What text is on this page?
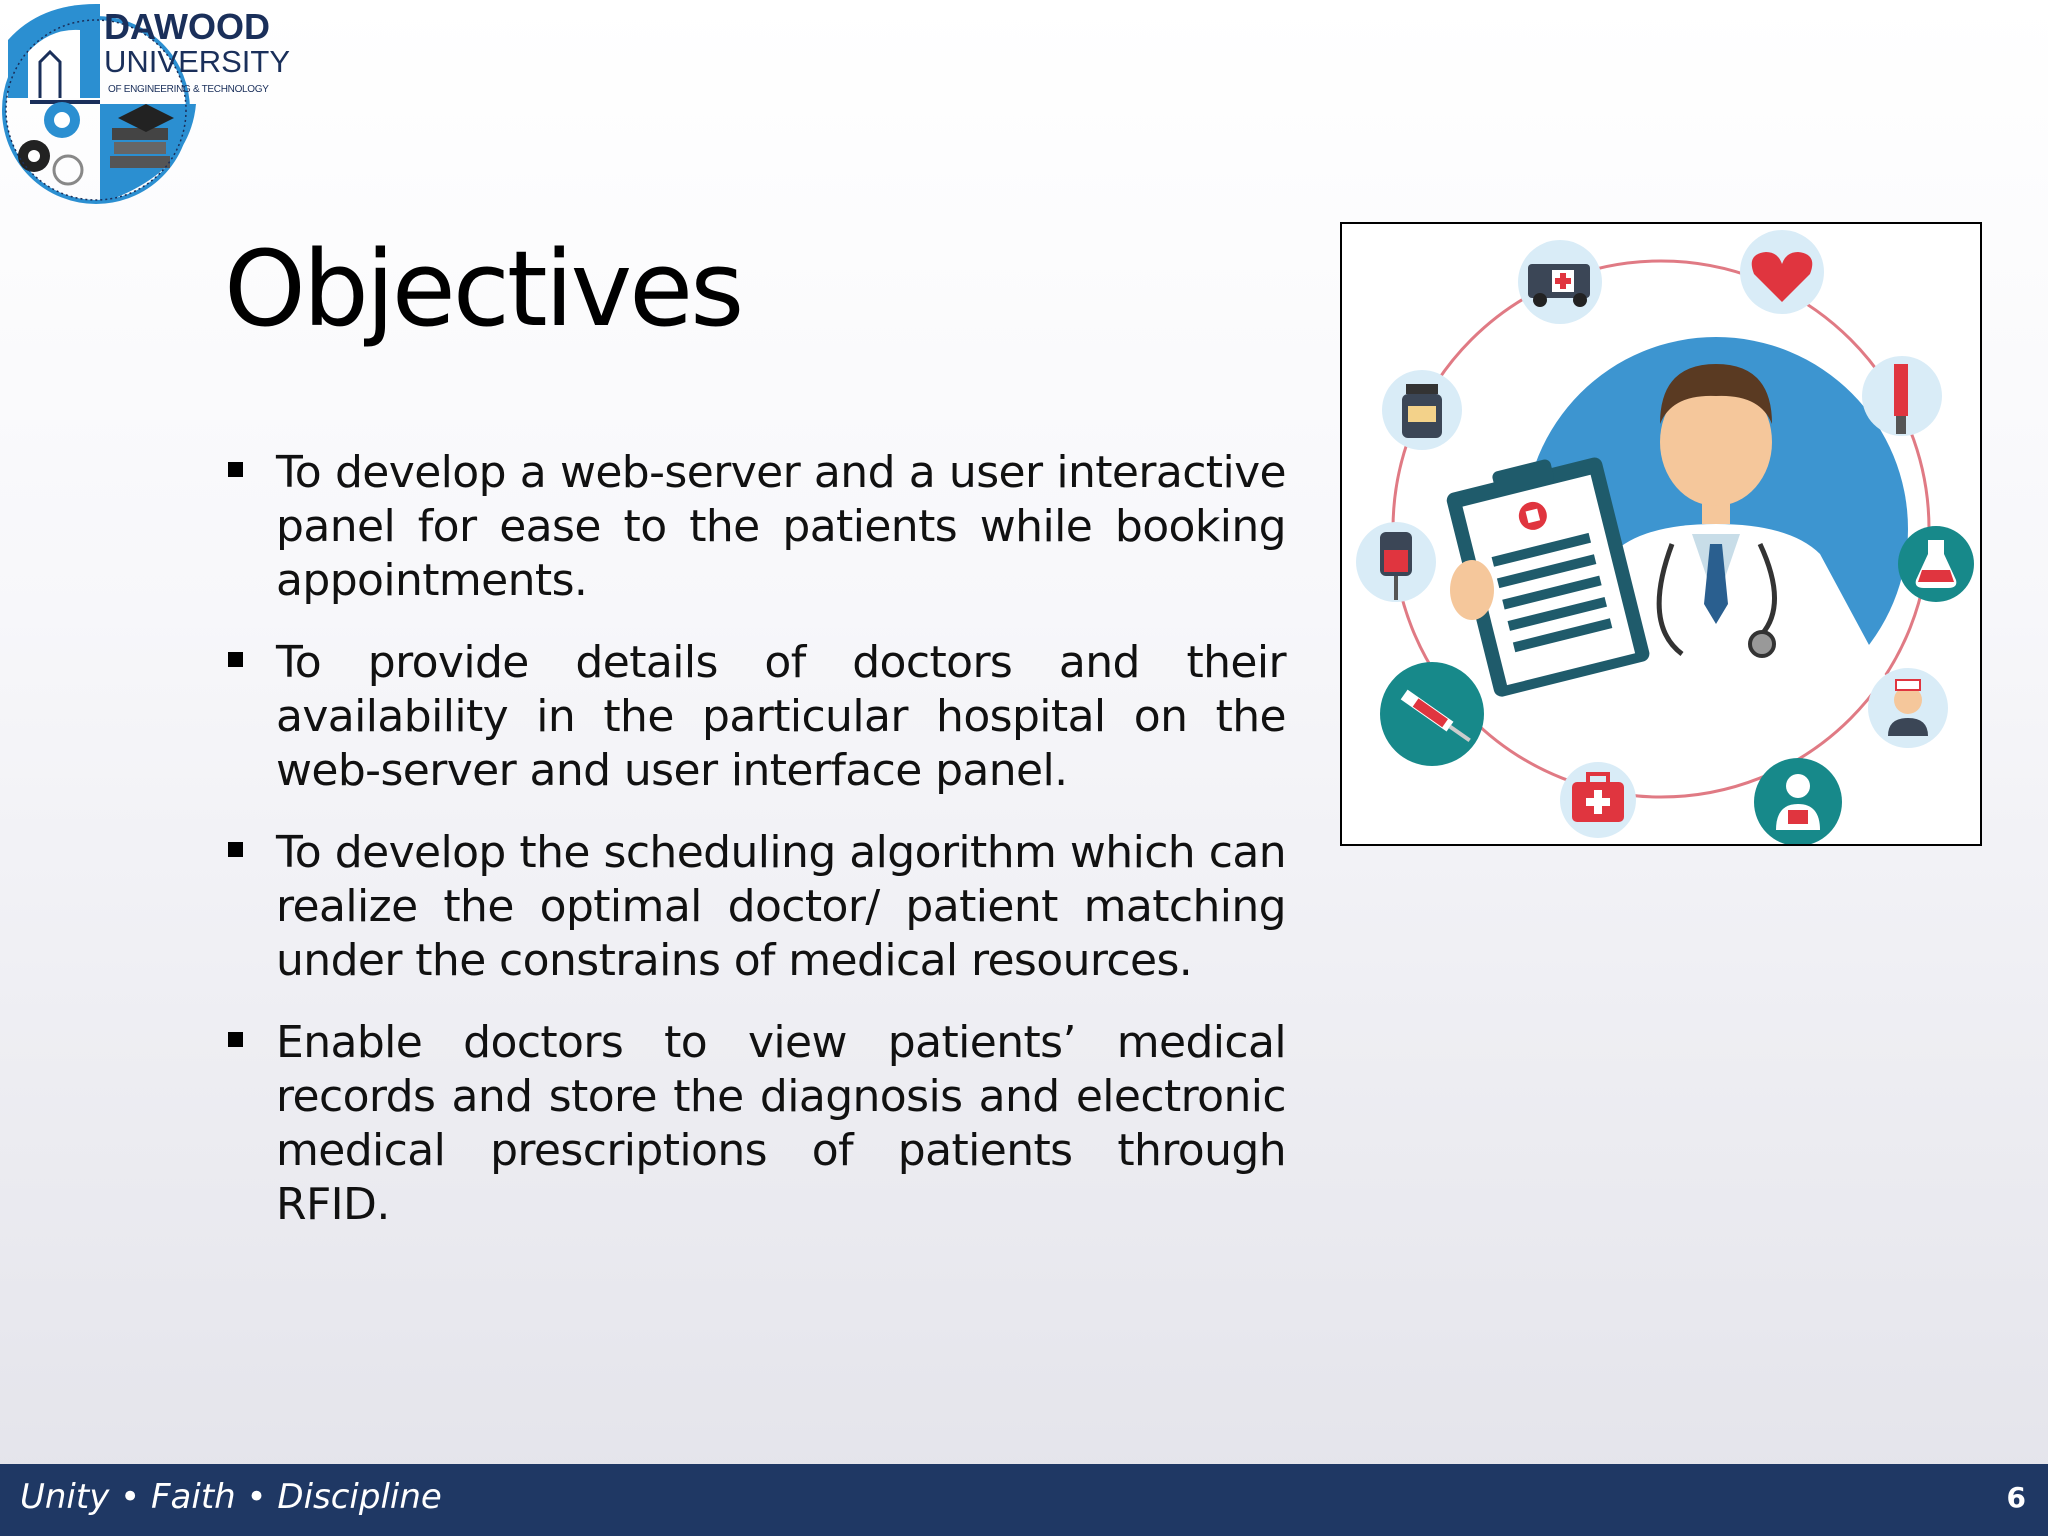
DAWOOD
UNIVERSITY
OF ENGINEERING & TECHNOLOGY
Objectives
To develop a web-server and a user interactive panel for ease to the patients while booking appointments.
To provide details of doctors and their availability in the particular hospital on the web-server and user interface panel.
To develop the scheduling algorithm which can realize the optimal doctor/ patient matching under the constrains of medical resources.
Enable doctors to view patients’ medical records and store the diagnosis and electronic medical prescriptions of patients through RFID.
Unity • Faith • Discipline	6
